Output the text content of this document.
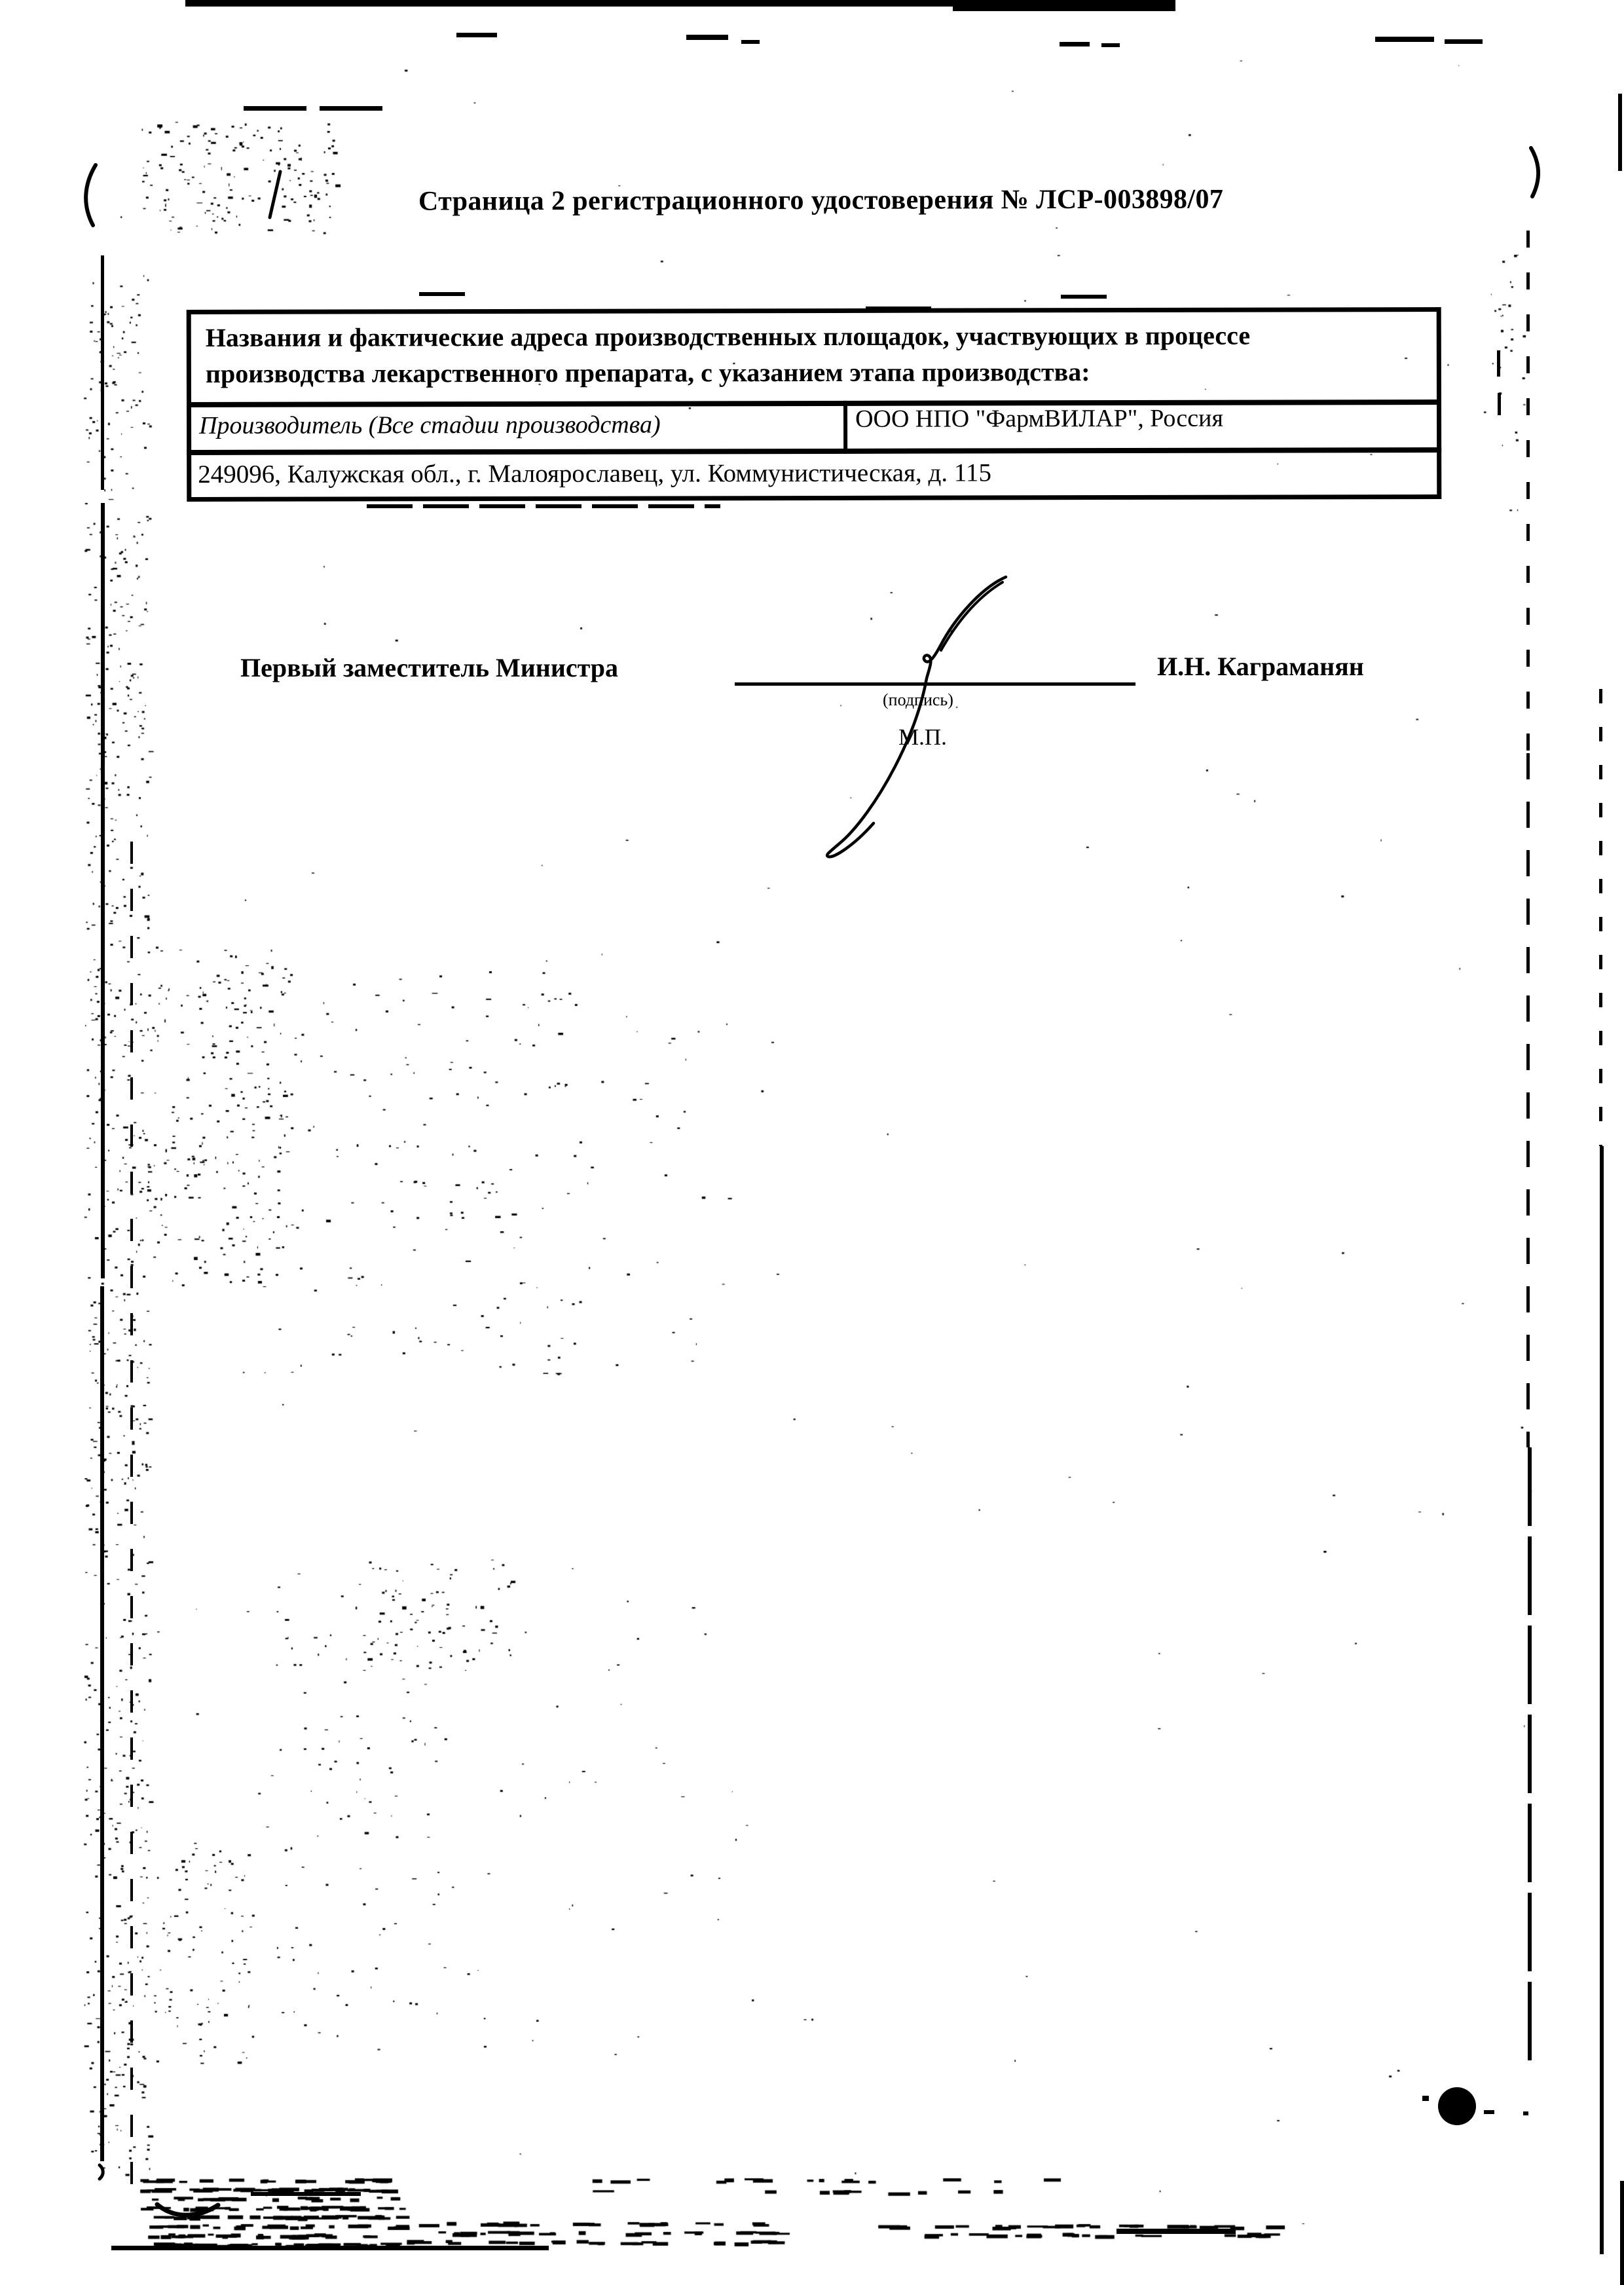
Страница 2 регистрационного удостоверения № ЛСР-003898/07
Названия и фактические адреса производственных площадок, участвующих в процессе производства лекарственного препарата, с указанием этапа производства:
Производитель (Все стадии производства)	ООО НПО "ФармВИЛАР", Россия
249096, Калужская обл., г. Малоярославец, ул. Коммунистическая, д. 115
Первый заместитель Министра
(подпись)
М.П.
И.Н. Каграманян
